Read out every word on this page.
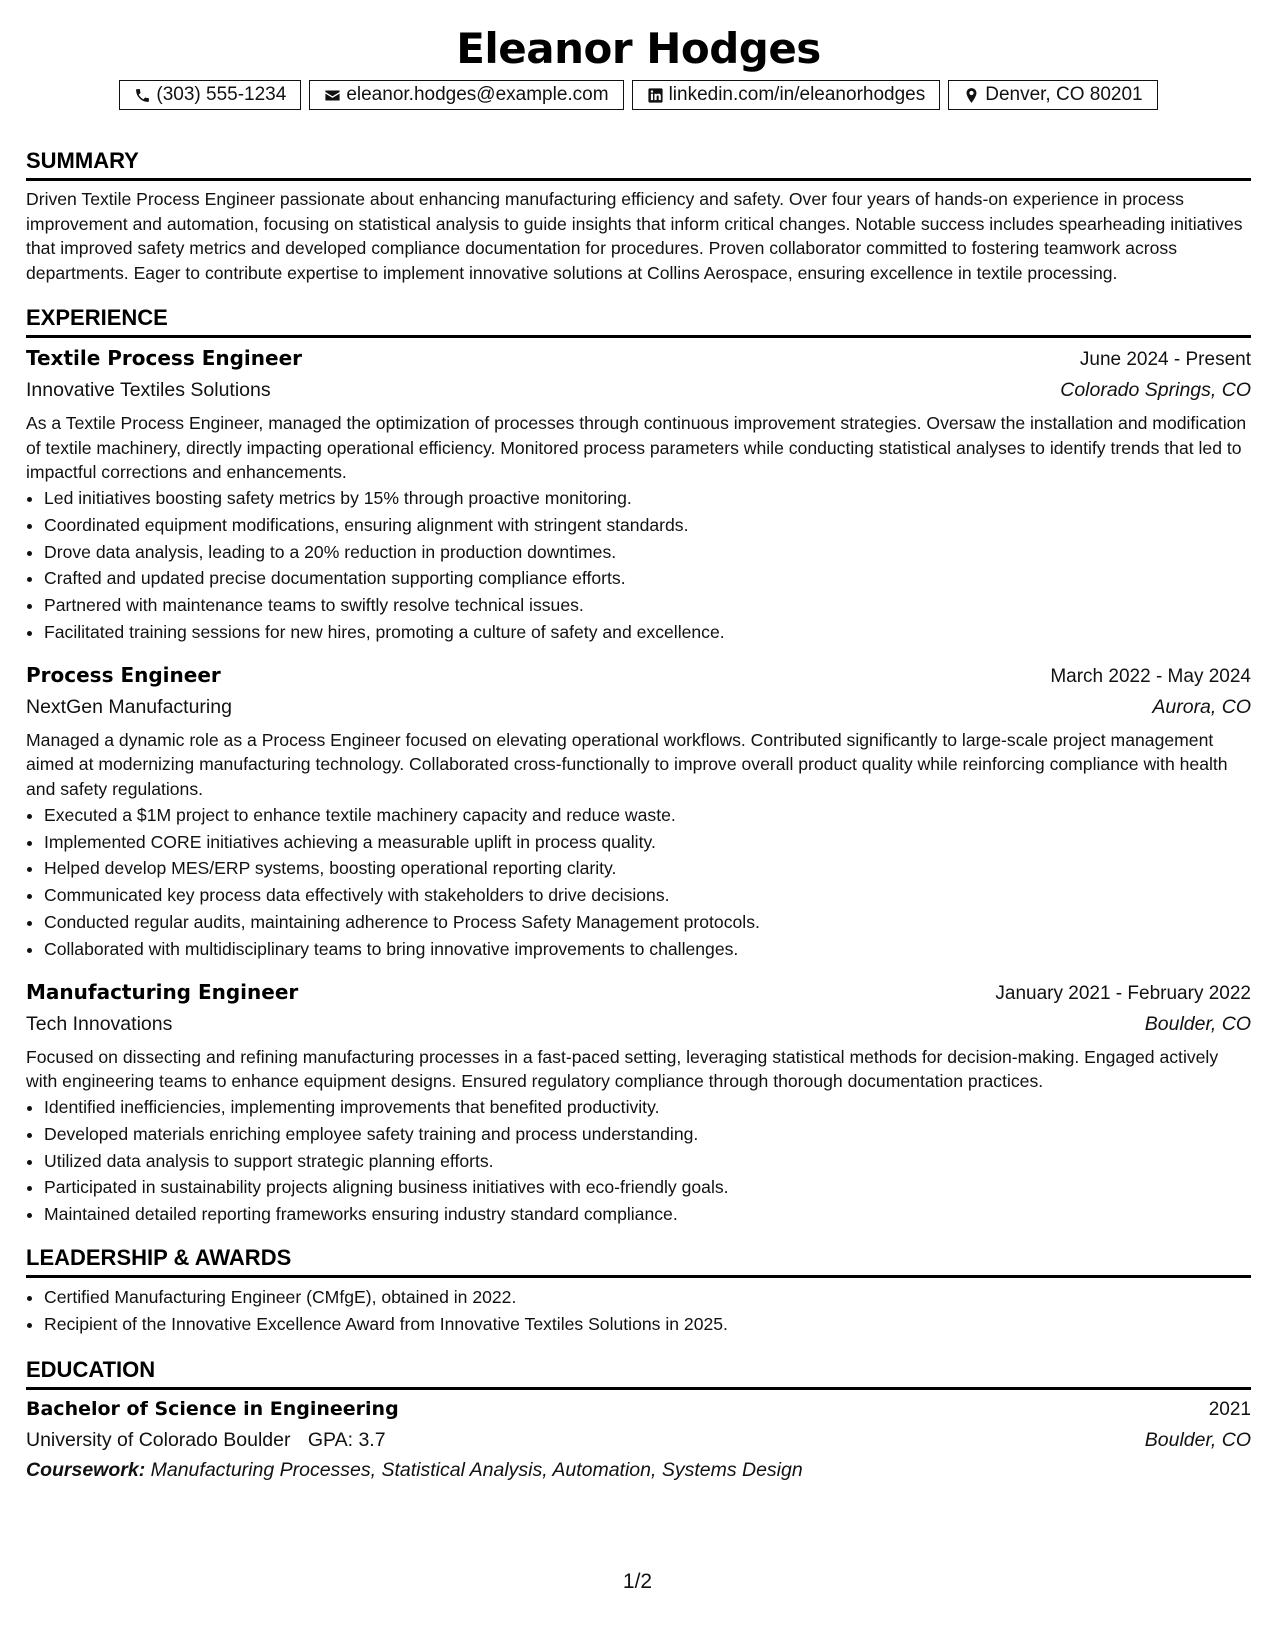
Eleanor Hodges
(303) 555-1234	eleanor.hodges@example.com	linkedin.com/in/eleanorhodges	Denver, CO 80201
SUMMARY
Driven Textile Process Engineer passionate about enhancing manufacturing efficiency and safety. Over four years of hands-on experience in process improvement and automation, focusing on statistical analysis to guide insights that inform critical changes. Notable success includes spearheading initiatives that improved safety metrics and developed compliance documentation for procedures. Proven collaborator committed to fostering teamwork across departments. Eager to contribute expertise to implement innovative solutions at Collins Aerospace, ensuring excellence in textile processing.
EXPERIENCE
Textile Process Engineer	June 2024 - Present
Innovative Textiles Solutions	Colorado Springs, CO
As a Textile Process Engineer, managed the optimization of processes through continuous improvement strategies. Oversaw the installation and modification of textile machinery, directly impacting operational efficiency. Monitored process parameters while conducting statistical analyses to identify trends that led to impactful corrections and enhancements.
• Led initiatives boosting safety metrics by 15% through proactive monitoring.
• Coordinated equipment modifications, ensuring alignment with stringent standards.
• Drove data analysis, leading to a 20% reduction in production downtimes.
• Crafted and updated precise documentation supporting compliance efforts.
• Partnered with maintenance teams to swiftly resolve technical issues.
• Facilitated training sessions for new hires, promoting a culture of safety and excellence.
Process Engineer	March 2022 - May 2024
NextGen Manufacturing	Aurora, CO
Managed a dynamic role as a Process Engineer focused on elevating operational workflows. Contributed significantly to large-scale project management aimed at modernizing manufacturing technology. Collaborated cross-functionally to improve overall product quality while reinforcing compliance with health and safety regulations.
• Executed a $1M project to enhance textile machinery capacity and reduce waste.
• Implemented CORE initiatives achieving a measurable uplift in process quality.
• Helped develop MES/ERP systems, boosting operational reporting clarity.
• Communicated key process data effectively with stakeholders to drive decisions.
• Conducted regular audits, maintaining adherence to Process Safety Management protocols.
• Collaborated with multidisciplinary teams to bring innovative improvements to challenges.
Manufacturing Engineer	January 2021 - February 2022
Tech Innovations	Boulder, CO
Focused on dissecting and refining manufacturing processes in a fast-paced setting, leveraging statistical methods for decision-making. Engaged actively with engineering teams to enhance equipment designs. Ensured regulatory compliance through thorough documentation practices.
• Identified inefficiencies, implementing improvements that benefited productivity.
• Developed materials enriching employee safety training and process understanding.
• Utilized data analysis to support strategic planning efforts.
• Participated in sustainability projects aligning business initiatives with eco-friendly goals.
• Maintained detailed reporting frameworks ensuring industry standard compliance.
LEADERSHIP & AWARDS
• Certified Manufacturing Engineer (CMfgE), obtained in 2022.
• Recipient of the Innovative Excellence Award from Innovative Textiles Solutions in 2025.
EDUCATION
Bachelor of Science in Engineering	2021
University of Colorado Boulder GPA: 3.7	Boulder, CO
Coursework: Manufacturing Processes, Statistical Analysis, Automation, Systems Design
1/2
